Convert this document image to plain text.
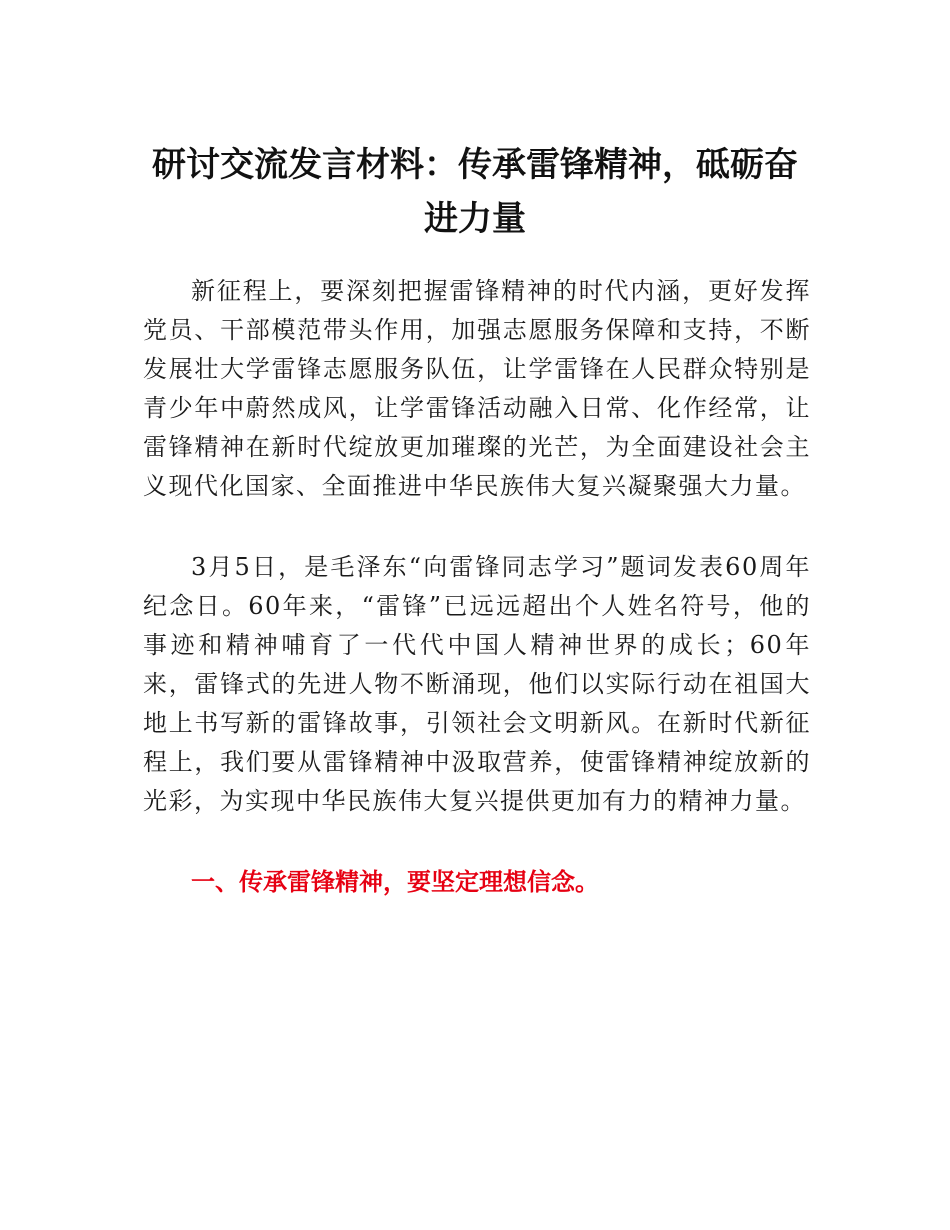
研讨交流发言材料：传承雷锋精神，砥砺奋进力量

新征程上，要深刻把握雷锋精神的时代内涵，更好发挥党员、干部模范带头作用，加强志愿服务保障和支持，不断发展壮大学雷锋志愿服务队伍，让学雷锋在人民群众特别是青少年中蔚然成风，让学雷锋活动融入日常、化作经常，让雷锋精神在新时代绽放更加璀璨的光芒，为全面建设社会主义现代化国家、全面推进中华民族伟大复兴凝聚强大力量。

3月5日，是毛泽东“向雷锋同志学习”题词发表60周年纪念日。60年来，“雷锋”已远远超出个人姓名符号，他的事迹和精神哺育了一代代中国人精神世界的成长；60年来，雷锋式的先进人物不断涌现，他们以实际行动在祖国大地上书写新的雷锋故事，引领社会文明新风。在新时代新征程上，我们要从雷锋精神中汲取营养，使雷锋精神绽放新的光彩，为实现中华民族伟大复兴提供更加有力的精神力量。

一、传承雷锋精神，要坚定理想信念。
